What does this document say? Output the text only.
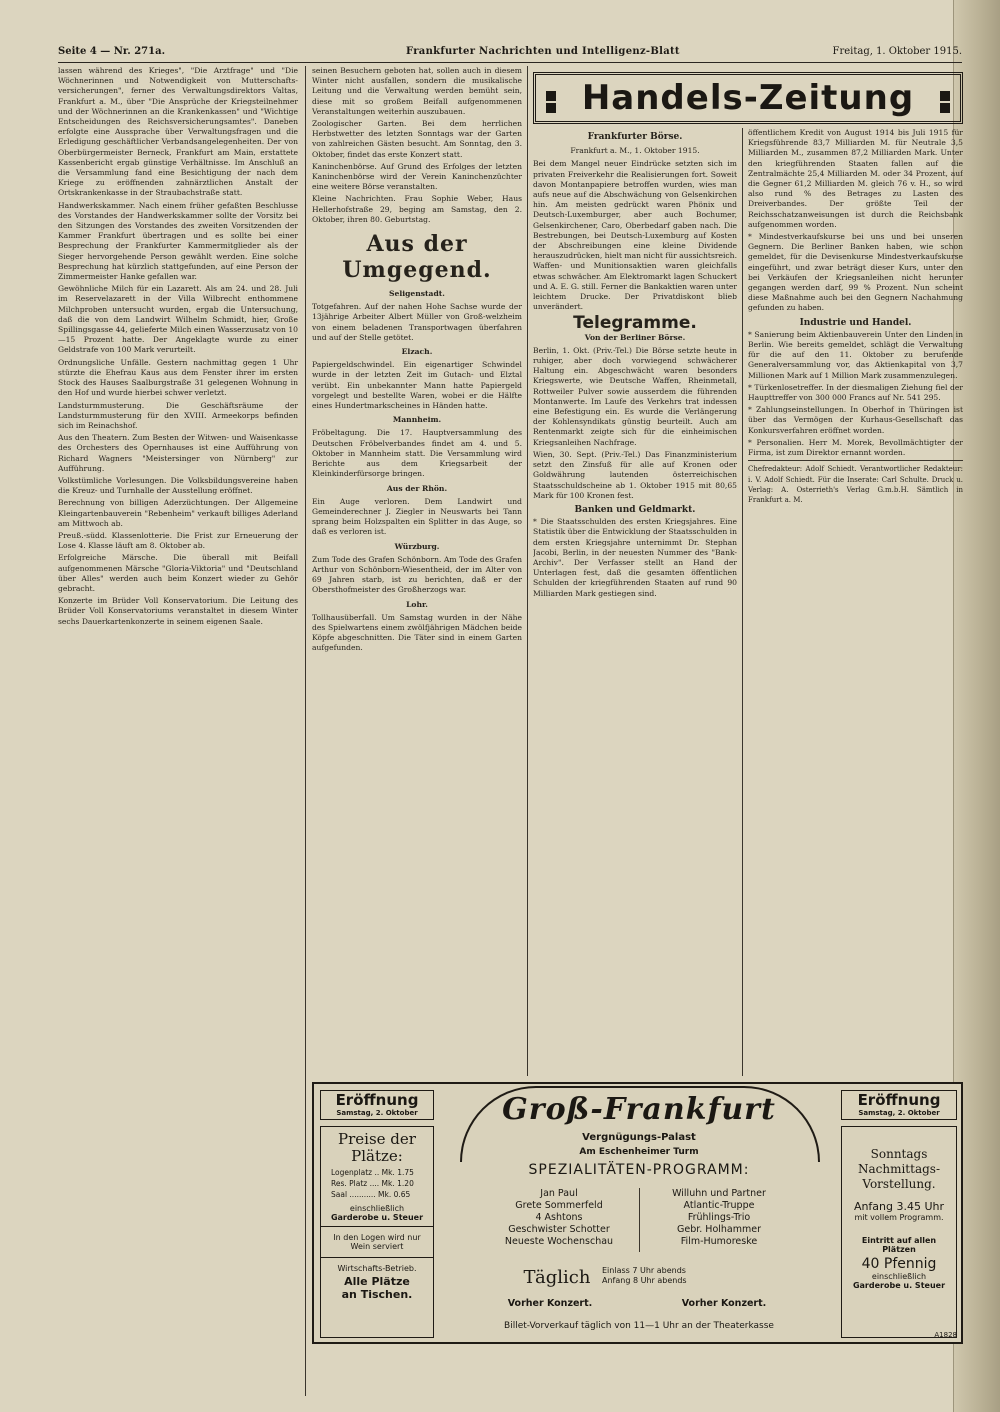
Seite 4 — Nr. 271a.	Frankfurter Nachrichten und Intelligenz-Blatt	Freitag, 1. Oktober 1915.

lassen während des Krieges", "Die Arztfrage" und "Die Wöchnerinnen und Notwendigkeit von Mutterschafts-versicherungen", ferner des Verwaltungsdirektors Valtas, Frankfurt a. M., über "Die Ansprüche der Kriegsteilnehmer und der Wöchnerinnen an die Krankenkassen" und "Wichtige Entscheidungen des Reichsversicherungsamtes". Daneben erfolgte eine Aussprache über Verwaltungsfragen und die Erledigung geschäftlicher Verbandsangelegenheiten. Der von Oberbürgermeister Berneck, Frankfurt am Main, erstattete Kassenbericht ergab günstige Verhältnisse. Im Anschluß an die Versammlung fand eine Besichtigung der nach dem Kriege zu eröffnenden zahnärztlichen Anstalt der Ortskrankenkasse in der Straubachstraße statt.

Handwerkskammer. Nach einem früher gefaßten Beschlusse des Vorstandes der Handwerkskammer sollte der Vorsitz bei den Sitzungen des Vorstandes des zweiten Vorsitzenden der Kammer Frankfurt übertragen und es sollte bei einer Besprechung der Frankfurter Kammermitglieder als der Sieger hervorgehende Person gewählt werden. Eine solche Besprechung hat kürzlich stattgefunden, auf eine Person der Zimmermeister Hanke gefallen war.

Gewöhnliche Milch für ein Lazarett. Als am 24. und 28. Juli im Reservelazarett in der Villa Wilbrecht enthommene Milchproben untersucht wurden, ergab die Untersuchung, daß die von dem Landwirt Wilhelm Schmidt, hier, Große Spillingsgasse 44, gelieferte Milch einen Wasserzusatz von 10—15 Prozent hatte. Der Angeklagte wurde zu einer Geldstrafe von 100 Mark verurteilt.

Ordnungsliche Unfälle. Gestern nachmittag gegen 1 Uhr stürzte die Ehefrau Kaus aus dem Fenster ihrer im ersten Stock des Hauses Saalburgstraße 31 gelegenen Wohnung in den Hof und wurde hierbei schwer verletzt.

Landsturmmusterung. Die Geschäftsräume der Landsturmmusterung für den XVIII. Armeekorps befinden sich im Reinachshof.

Aus den Theatern. Zum Besten der Witwen- und Waisenkasse des Orchesters des Opernhauses ist eine Aufführung von Richard Wagners "Meistersinger von Nürnberg" zur Aufführung.

Volkstümliche Vorlesungen. Die Volksbildungsvereine haben die Kreuz- und Turnhalle der Ausstellung eröffnet.

Berechnung von billigen Aderzüchtungen. Der Allgemeine Kleingartenbauverein "Rebenheim" verkauft billiges Aderland am Mittwoch ab.

Preuß.-südd. Klassenlotterie. Die Frist zur Erneuerung der Lose 4. Klasse läuft am 8. Oktober ab.

Erfolgreiche Märsche. Die überall mit Beifall aufgenommenen Märsche "Gloria-Viktoria" und "Deutschland über Alles" werden auch beim Konzert wieder zu Gehör gebracht.

Konzerte im Brüder Voll Konservatorium. Die Leitung des Brüder Voll Konservatoriums veranstaltet in diesem Winter sechs Dauerkartenkonzerte in seinem eigenen Saale.

seinen Besuchern geboten hat, sollen auch in diesem Winter nicht ausfallen, sondern die musikalische Leitung und die Verwaltung werden bemüht sein, diese mit so großem Beifall aufgenommenen Veranstaltungen weiterhin auszubauen.

Zoologischer Garten. Bei dem herrlichen Herbstwetter des letzten Sonntags war der Garten von zahlreichen Gästen besucht. Am Sonntag, den 3. Oktober, findet das erste Konzert statt.

Kaninchenbörse. Auf Grund des Erfolges der letzten Kaninchenbörse wird der Verein Kaninchenzüchter eine weitere Börse veranstalten.

Kleine Nachrichten. Frau Sophie Weber, Haus Hellerhofstraße 29, beging am Samstag, den 2. Oktober, ihren 80. Geburtstag.

Aus der Umgegend.
Seligenstadt.

Totgefahren. Auf der nahen Hohe Sachse wurde der 13jährige Arbeiter Albert Müller von Groß-welzheim von einem beladenen Transportwagen überfahren und auf der Stelle getötet.

Elzach.

Papiergeldschwindel. Ein eigenartiger Schwindel wurde in der letzten Zeit im Gutach- und Elztal verübt. Ein unbekannter Mann hatte Papiergeld vorgelegt und bestellte Waren, wobei er die Hälfte eines Hundertmarkscheines in Händen hatte.

Mannheim.

Fröbeltagung. Die 17. Hauptversammlung des Deutschen Fröbelverbandes findet am 4. und 5. Oktober in Mannheim statt. Die Versammlung wird Berichte aus dem Kriegsarbeit der Kleinkinderfürsorge bringen.

Aus der Rhön.

Ein Auge verloren. Dem Landwirt und Gemeinderechner J. Ziegler in Neuswarts bei Tann sprang beim Holzspalten ein Splitter in das Auge, so daß es verloren ist.

Würzburg.

Zum Tode des Grafen Schönborn. Am Tode des Grafen Arthur von Schönborn-Wiesentheid, der im Alter von 69 Jahren starb, ist zu berichten, daß er der Obersthofmeister des Großherzogs war.

Lohr.

Tollhausüberfall. Um Samstag wurden in der Nähe des Spielwartens einem zwölfjährigen Mädchen beide Köpfe abgeschnitten. Die Täter sind in einem Garten aufgefunden.

Handels-Zeitung
Frankfurter Börse.
Frankfurt a. M., 1. Oktober 1915.

Bei dem Mangel neuer Eindrücke setzten sich im privaten Freiverkehr die Realisierungen fort. Soweit davon Montanpapiere betroffen wurden, wies man aufs neue auf die Abschwächung von Gelsenkirchen hin. Am meisten gedrückt waren Phönix und Deutsch-Luxemburger, aber auch Bochumer, Gelsenkirchener, Caro, Oberbedarf gaben nach. Die Bestrebungen, bei Deutsch-Luxemburg auf Kosten der Abschreibungen eine kleine Dividende herauszudrücken, hielt man nicht für aussichtsreich. Waffen- und Munitionsaktien waren gleichfalls etwas schwächer. Am Elektromarkt lagen Schuckert und A. E. G. still. Ferner die Bankaktien waren unter leichtem Drucke. Der Privatdiskont blieb unverändert.

Telegramme.
Von der Berliner Börse.

Berlin, 1. Okt. (Priv.-Tel.) Die Börse setzte heute in ruhiger, aber doch vorwiegend schwächerer Haltung ein. Abgeschwächt waren besonders Kriegswerte, wie Deutsche Waffen, Rheinmetall, Rottweiler Pulver sowie ausserdem die führenden Montanwerte. Im Laufe des Verkehrs trat indessen eine Befestigung ein. Es wurde die Verlängerung der Kohlensyndikats günstig beurteilt. Auch am Rentenmarkt zeigte sich für die einheimischen Kriegsanleihen Nachfrage.

Wien, 30. Sept. (Priv.-Tel.) Das Finanzministerium setzt den Zinsfuß für alle auf Kronen oder Goldwährung lautenden österreichischen Staatsschuldscheine ab 1. Oktober 1915 mit 80,65 Mark für 100 Kronen fest.

Banken und Geldmarkt.

* Die Staatsschulden des ersten Kriegsjahres. Eine Statistik über die Entwicklung der Staatsschulden in dem ersten Kriegsjahre unternimmt Dr. Stephan Jacobi, Berlin, in der neuesten Nummer des "Bank-Archiv". Der Verfasser stellt an Hand der Unterlagen fest, daß die gesamten öffentlichen Schulden der kriegführenden Staaten auf rund 90 Milliarden Mark gestiegen sind.

öffentlichem Kredit von August 1914 bis Juli 1915 für Kriegsführende 83,7 Milliarden M. für Neutrale 3,5 Milliarden M., zusammen 87,2 Milliarden Mark. Unter den kriegführenden Staaten fallen auf die Zentralmächte 25,4 Milliarden M. oder 34 Prozent, auf die Gegner 61,2 Milliarden M. gleich 76 v. H., so wird also rund % des Betrages zu Lasten des Dreiverbandes. Der größte Teil der Reichsschatzanweisungen ist durch die Reichsbank aufgenommen worden.

* Mindestverkaufskurse bei uns und bei unseren Gegnern. Die Berliner Banken haben, wie schon gemeldet, für die Devisenkurse Mindestverkaufskurse eingeführt, und zwar beträgt dieser Kurs, unter den bei Verkäufen der Kriegsanleihen nicht herunter gegangen werden darf, 99 % Prozent. Nun scheint diese Maßnahme auch bei den Gegnern Nachahmung gefunden zu haben.

Industrie und Handel.

* Sanierung beim Aktienbauverein Unter den Linden in Berlin. Wie bereits gemeldet, schlägt die Verwaltung für die auf den 11. Oktober zu berufende Generalversammlung vor, das Aktienkapital von 3,7 Millionen Mark auf 1 Million Mark zusammenzulegen.

* Türkenlosetreffer. In der diesmaligen Ziehung fiel der Haupttreffer von 300 000 Francs auf Nr. 541 295.

* Zahlungseinstellungen. In Oberhof in Thüringen ist über das Vermögen der Kurhaus-Gesellschaft das Konkursverfahren eröffnet worden.

* Personalien. Herr M. Morek, Bevollmächtigter der Firma, ist zum Direktor ernannt worden.

Chefredakteur: Adolf Schiedt. Verantwortlicher Redakteur: i. V. Adolf Schiedt. Für die Inserate: Carl Schulte. Druck u. Verlag: A. Osterrieth's Verlag G.m.b.H. Sämtlich in Frankfurt a. M.

Groß-Frankfurt
Vergnügungs-Palast
Am Eschenheimer Turm
SPEZIALITÄTEN-PROGRAMM:
Jan Paul
Grete Sommerfeld
4 Ashtons
Geschwister Schotter
Neueste Wochenschau
Willuhn und Partner
Atlantic-Truppe
Frühlings-Trio
Gebr. Holhammer
Film-Humoreske
Täglich	Einlass 7 Uhr abends
Anfang 8 Uhr abends
Vorher Konzert.	Vorher Konzert.
Billet-Vorverkauf täglich von 11—1 Uhr an der Theaterkasse
Eröffnung
Samstag, 2. Oktober
Preise der Plätze:
Logenplatz .. Mk. 1.75
Res. Platz .... Mk. 1.20
Saal ........... Mk. 0.65
einschließlich
Garderobe u. Steuer
In den Logen wird nur Wein serviert
Wirtschafts-Betrieb.
Alle Plätze an Tischen.
Eröffnung
Samstag, 2. Oktober
Sonntags Nachmittags-Vorstellung.
Anfang 3.45 Uhr
mit vollem Programm.
Eintritt auf allen Plätzen
40 Pfennig
einschließlich
Garderobe u. Steuer
A1828
